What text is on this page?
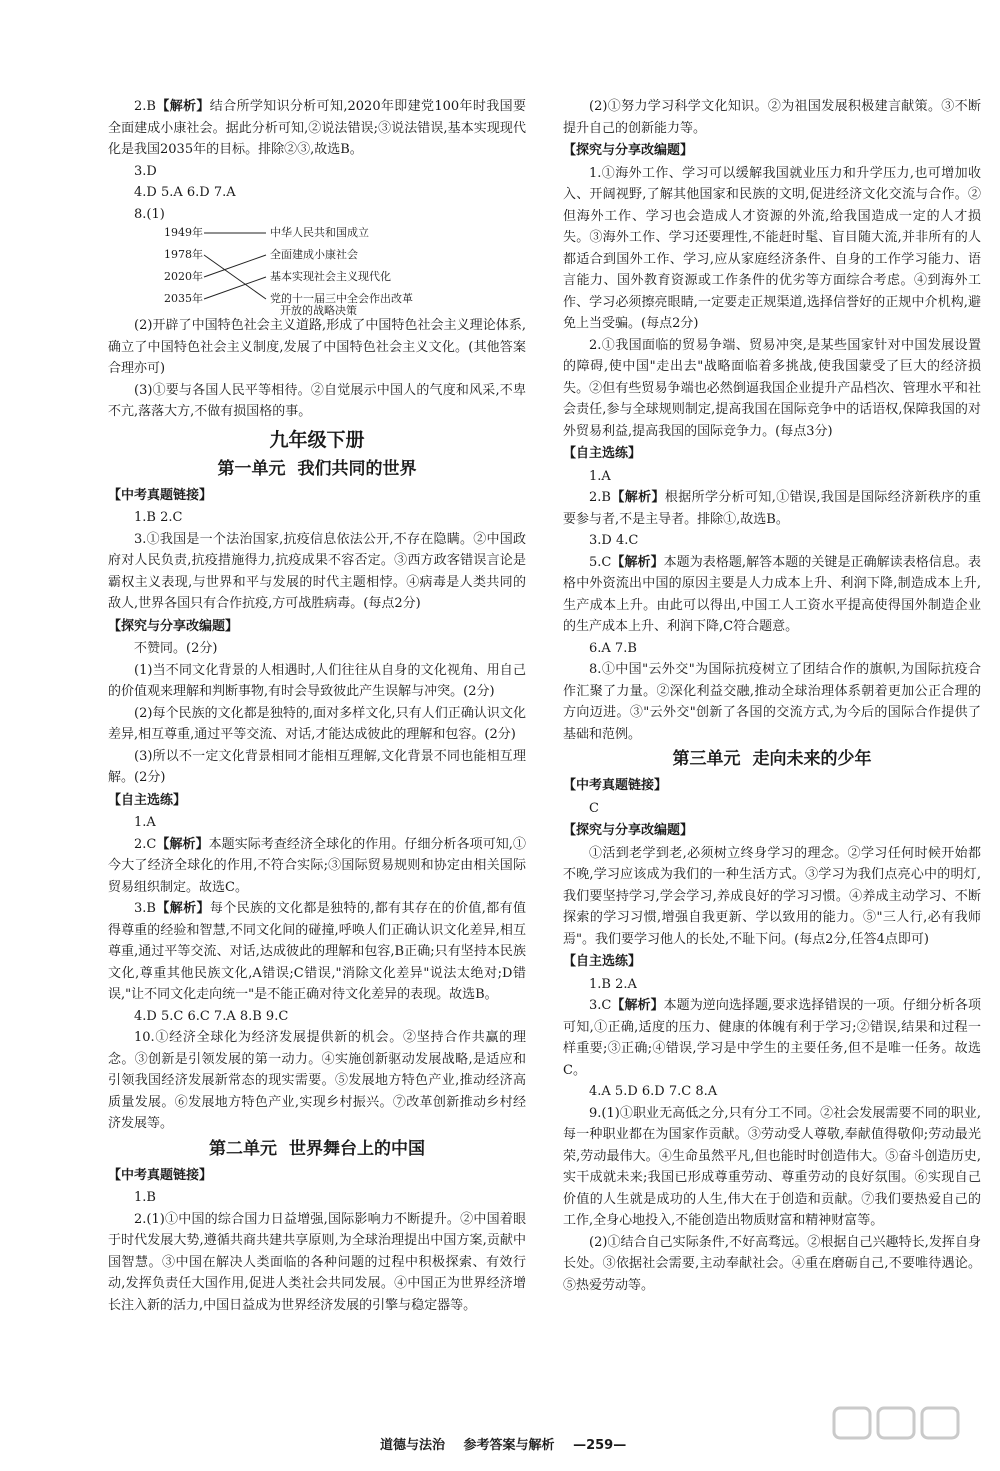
2.B【解析】结合所学知识分析可知,2020年即建党100年时我国要全面建成小康社会。据此分析可知,②说法错误;③说法错误,基本实现现代化是我国2035年的目标。排除②③,故选B。

3.D

4.D 5.A 6.D 7.A

8.(1)

1949年
1978年
2020年
2035年
中华人民共和国成立
全面建成小康社会
基本实现社会主义现代化
党的十一届三中全会作出改革
开放的战略决策

(2)开辟了中国特色社会主义道路,形成了中国特色社会主义理论体系,确立了中国特色社会主义制度,发展了中国特色社会主义文化。(其他答案合理亦可)

(3)①要与各国人民平等相待。②自觉展示中国人的气度和风采,不卑不亢,落落大方,不做有损国格的事。

九年级下册
第一单元 我们共同的世界
【中考真题链接】

1.B 2.C

3.①我国是一个法治国家,抗疫信息依法公开,不存在隐瞒。②中国政府对人民负责,抗疫措施得力,抗疫成果不容否定。③西方政客错误言论是霸权主义表现,与世界和平与发展的时代主题相悖。④病毒是人类共同的敌人,世界各国只有合作抗疫,方可战胜病毒。(每点2分)

【探究与分享改编题】

不赞同。(2分)

(1)当不同文化背景的人相遇时,人们往往从自身的文化视角、用自己的价值观来理解和判断事物,有时会导致彼此产生误解与冲突。(2分)

(2)每个民族的文化都是独特的,面对多样文化,只有人们正确认识文化差异,相互尊重,通过平等交流、对话,才能达成彼此的理解和包容。(2分)

(3)所以不一定文化背景相同才能相互理解,文化背景不同也能相互理解。(2分)

【自主选练】

1.A

2.C【解析】本题实际考查经济全球化的作用。仔细分析各项可知,①今大了经济全球化的作用,不符合实际;③国际贸易规则和协定由相关国际贸易组织制定。故选C。

3.B【解析】每个民族的文化都是独特的,都有其存在的价值,都有值得尊重的经验和智慧,不同文化间的碰撞,呼唤人们正确认识文化差异,相互尊重,通过平等交流、对话,达成彼此的理解和包容,B正确;只有坚持本民族文化,尊重其他民族文化,A错误;C错误,"消除文化差异"说法太绝对;D错误,"让不同文化走向统一"是不能正确对待文化差异的表现。故选B。

4.D 5.C 6.C 7.A 8.B 9.C

10.①经济全球化为经济发展提供新的机会。②坚持合作共赢的理念。③创新是引领发展的第一动力。④实施创新驱动发展战略,是适应和引领我国经济发展新常态的现实需要。⑤发展地方特色产业,推动经济高质量发展。⑥发展地方特色产业,实现乡村振兴。⑦改革创新推动乡村经济发展等。

第二单元 世界舞台上的中国
【中考真题链接】

1.B

2.(1)①中国的综合国力日益增强,国际影响力不断提升。②中国着眼于时代发展大势,遵循共商共建共享原则,为全球治理提出中国方案,贡献中国智慧。③中国在解决人类面临的各种问题的过程中积极探索、有效行动,发挥负责任大国作用,促进人类社会共同发展。④中国正为世界经济增长注入新的活力,中国日益成为世界经济发展的引擎与稳定器等。

(2)①努力学习科学文化知识。②为祖国发展积极建言献策。③不断提升自己的创新能力等。

【探究与分享改编题】

1.①海外工作、学习可以缓解我国就业压力和升学压力,也可增加收入、开阔视野,了解其他国家和民族的文明,促进经济文化交流与合作。②但海外工作、学习也会造成人才资源的外流,给我国造成一定的人才损失。③海外工作、学习还要理性,不能赶时髦、盲目随大流,并非所有的人都适合到国外工作、学习,应从家庭经济条件、自身的工作学习能力、语言能力、国外教育资源或工作条件的优劣等方面综合考虑。④到海外工作、学习必须擦亮眼睛,一定要走正规渠道,选择信誉好的正规中介机构,避免上当受骗。(每点2分)

2.①我国面临的贸易争端、贸易冲突,是某些国家针对中国发展设置的障碍,使中国"走出去"战略面临着多挑战,使我国蒙受了巨大的经济损失。②但有些贸易争端也必然倒逼我国企业提升产品档次、管理水平和社会责任,参与全球规则制定,提高我国在国际竞争中的话语权,保障我国的对外贸易利益,提高我国的国际竞争力。(每点3分)

【自主选练】

1.A

2.B【解析】根据所学分析可知,①错误,我国是国际经济新秩序的重要参与者,不是主导者。排除①,故选B。

3.D 4.C

5.C【解析】本题为表格题,解答本题的关键是正确解读表格信息。表格中外资流出中国的原因主要是人力成本上升、利润下降,制造成本上升,生产成本上升。由此可以得出,中国工人工资水平提高使得国外制造企业的生产成本上升、利润下降,C符合题意。

6.A 7.B

8.①中国"云外交"为国际抗疫树立了团结合作的旗帜,为国际抗疫合作汇聚了力量。②深化利益交融,推动全球治理体系朝着更加公正合理的方向迈进。③"云外交"创新了各国的交流方式,为今后的国际合作提供了基础和范例。

第三单元 走向未来的少年
【中考真题链接】

C

【探究与分享改编题】

①活到老学到老,必须树立终身学习的理念。②学习任何时候开始都不晚,学习应该成为我们的一种生活方式。③学习为我们点亮心中的明灯,我们要坚持学习,学会学习,养成良好的学习习惯。④养成主动学习、不断探索的学习习惯,增强自我更新、学以致用的能力。⑤"三人行,必有我师焉"。我们要学习他人的长处,不耻下问。(每点2分,任答4点即可)

【自主选练】

1.B 2.A

3.C【解析】本题为逆向选择题,要求选择错误的一项。仔细分析各项可知,①正确,适度的压力、健康的体魄有利于学习;②错误,结果和过程一样重要;③正确;④错误,学习是中学生的主要任务,但不是唯一任务。故选C。

4.A 5.D 6.D 7.C 8.A

9.(1)①职业无高低之分,只有分工不同。②社会发展需要不同的职业,每一种职业都在为国家作贡献。③劳动受人尊敬,奉献值得敬仰;劳动最光荣,劳动最伟大。④生命虽然平凡,但也能时时创造伟大。⑤奋斗创造历史,实干成就未来;我国已形成尊重劳动、尊重劳动的良好氛围。⑥实现自己价值的人生就是成功的人生,伟大在于创造和贡献。⑦我们要热爱自己的工作,全身心地投入,不能创造出物质财富和精神财富等。

(2)①结合自己实际条件,不好高骛远。②根据自己兴趣特长,发挥自身长处。③依据社会需要,主动奉献社会。④重在磨砺自己,不要唯待遇论。⑤热爱劳动等。

道德与法治 参考答案与解析 —259—
